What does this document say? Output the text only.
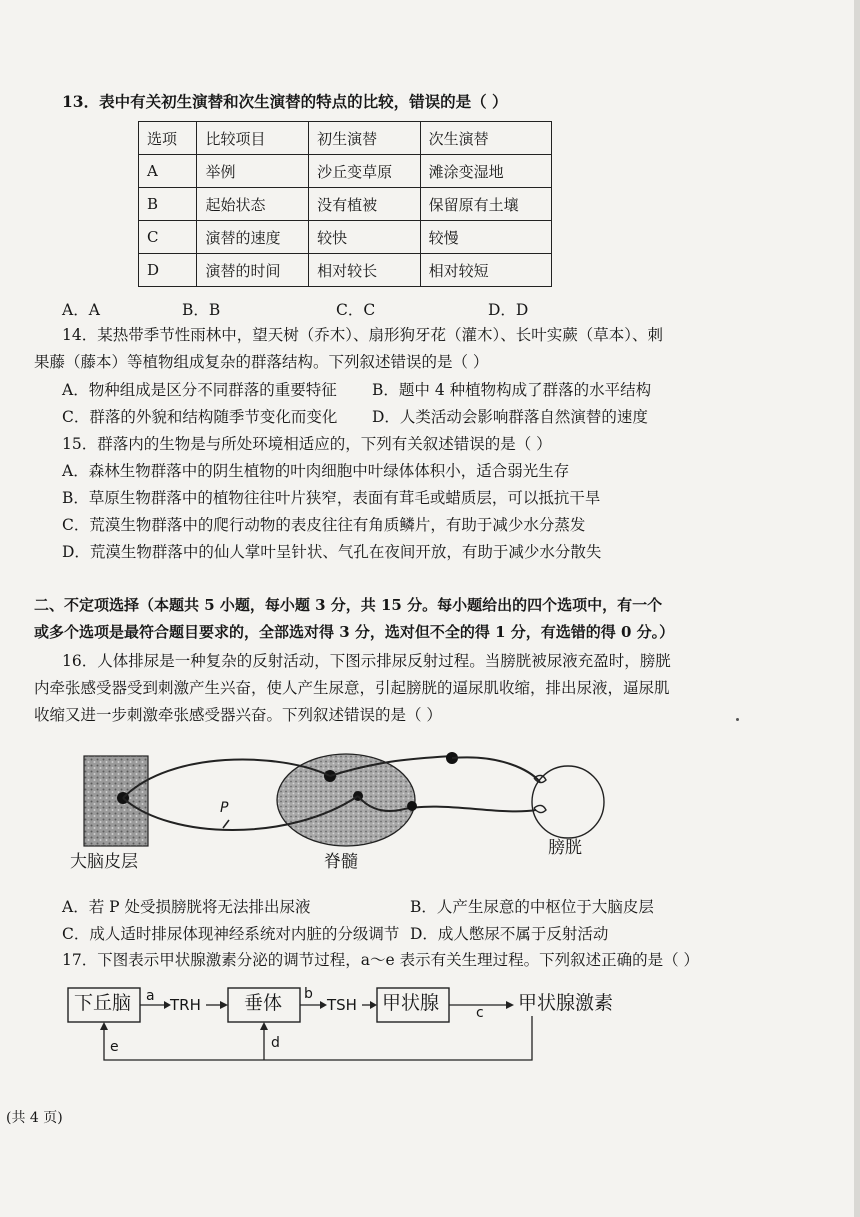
13．表中有关初生演替和次生演替的特点的比较，错误的是（ ）
选项	比较项目	初生演替	次生演替
A	举例	沙丘变草原	滩涂变湿地
B	起始状态	没有植被	保留原有土壤
C	演替的速度	较快	较慢
D	演替的时间	相对较长	相对较短
A．A	B．B	C．C	D．D
14．某热带季节性雨林中，望天树（乔木）、扇形狗牙花（灌木）、长叶实蕨（草本）、刺
果藤（藤本）等植物组成复杂的群落结构。下列叙述错误的是（ ）
A．物种组成是区分不同群落的重要特征 B．题中 4 种植物构成了群落的水平结构
C．群落的外貌和结构随季节变化而变化 D．人类活动会影响群落自然演替的速度
15．群落内的生物是与所处环境相适应的，下列有关叙述错误的是（ ）
A．森林生物群落中的阴生植物的叶肉细胞中叶绿体体积小，适合弱光生存
B．草原生物群落中的植物往往叶片狭窄，表面有茸毛或蜡质层，可以抵抗干旱
C．荒漠生物群落中的爬行动物的表皮往往有角质鳞片，有助于减少水分蒸发
D．荒漠生物群落中的仙人掌叶呈针状、气孔在夜间开放，有助于减少水分散失
二、不定项选择（本题共 5 小题，每小题 3 分，共 15 分。每小题给出的四个选项中，有一个
或多个选项是最符合题目要求的，全部选对得 3 分，选对但不全的得 1 分，有选错的得 0 分。）
16．人体排尿是一种复杂的反射活动，下图示排尿反射过程。当膀胱被尿液充盈时，膀胱
内牵张感受器受到刺激产生兴奋，使人产生尿意，引起膀胱的逼尿肌收缩，排出尿液，逼尿肌
收缩又进一步刺激牵张感受器兴奋。下列叙述错误的是（ ）
P
大脑皮层	脊髓
膀胱
A．若 P 处受损膀胱将无法排出尿液	B．人产生尿意的中枢位于大脑皮层
C．成人适时排尿体现神经系统对内脏的分级调节 D．成人憋尿不属于反射活动
17．下图表示甲状腺激素分泌的调节过程，a～e 表示有关生理过程。下列叙述正确的是（ ）
下丘脑	垂体	甲状腺
a TRH
b
TSH	c 甲状腺激素
e	d
(共 4 页)
